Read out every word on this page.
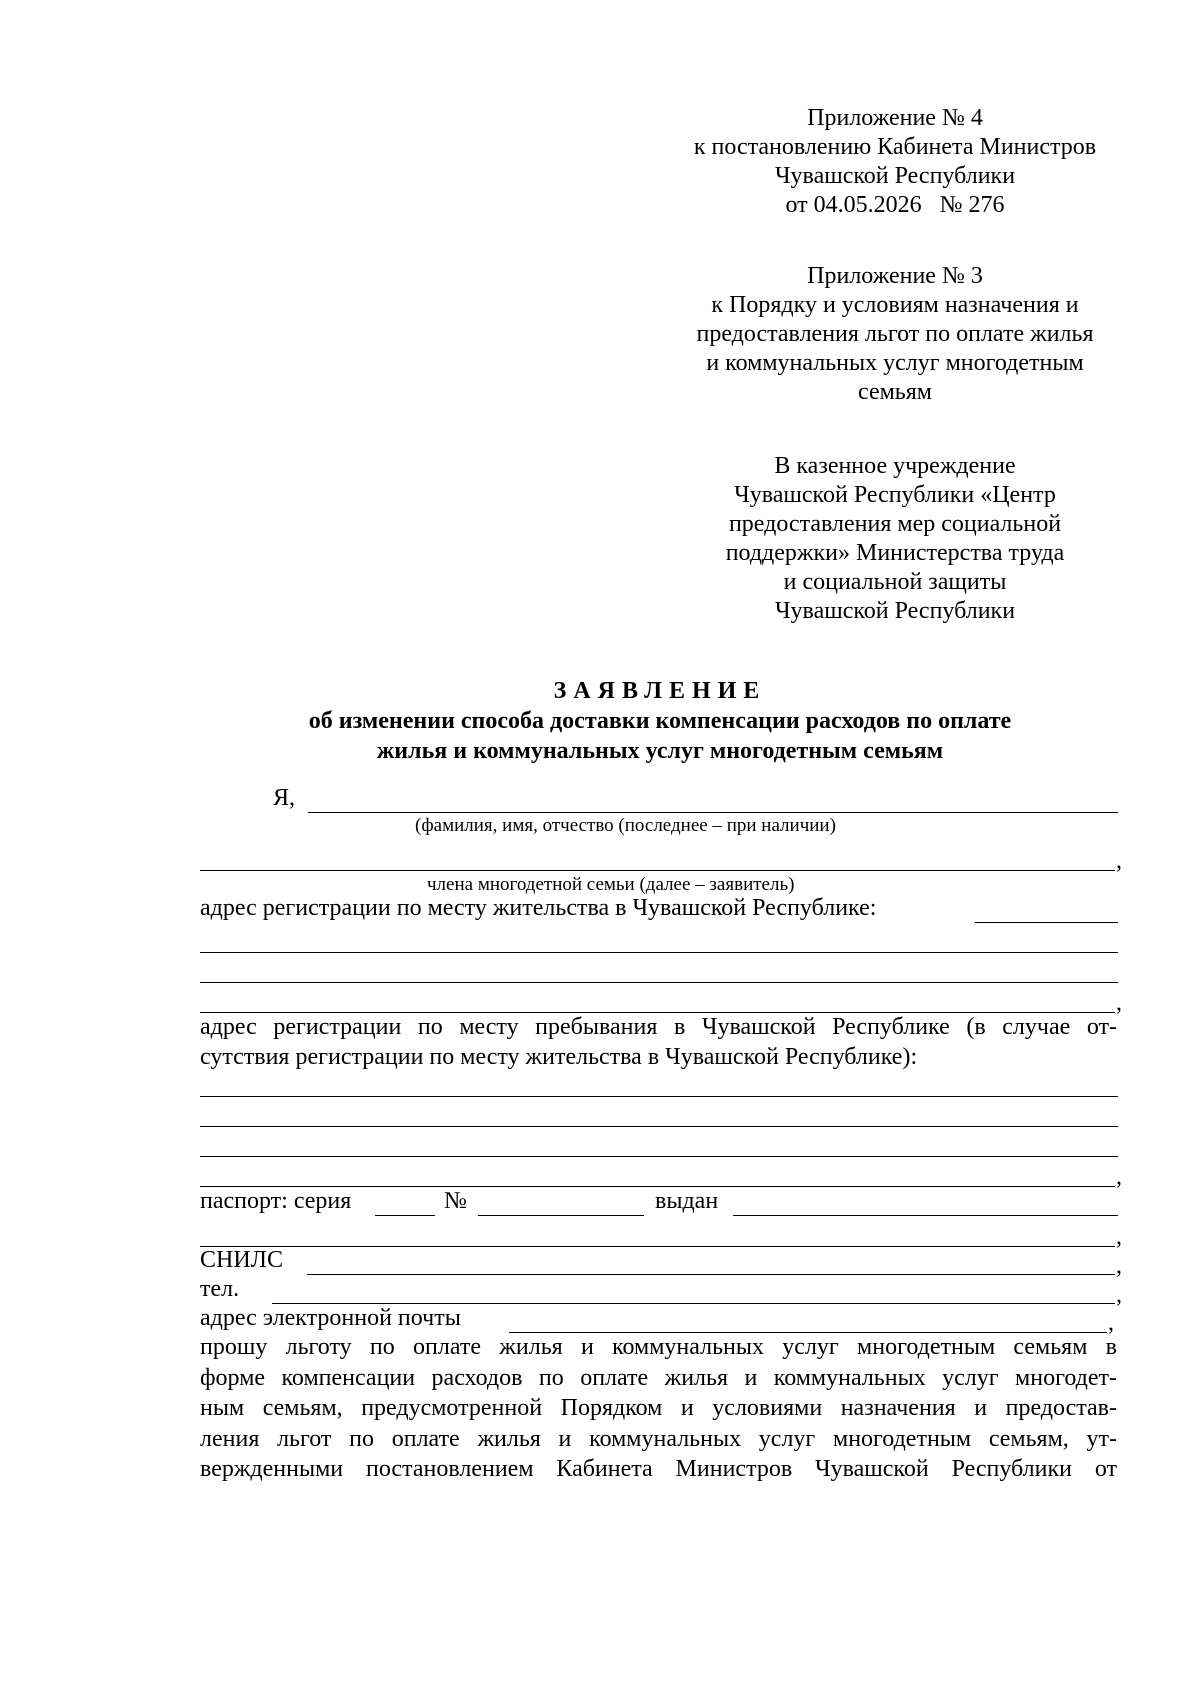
Приложение № 4
к постановлению Кабинета Министров
Чувашской Республики
от 04.05.2026   № 276
Приложение № 3
к Порядку и условиям назначения и
предоставления льгот по оплате жилья
и коммунальных услуг многодетным
семьям
В казенное учреждение
Чувашской Республики «Центр
предоставления мер социальной
поддержки» Министерства труда
и социальной защиты
Чувашской Республики
ЗАЯВЛЕНИЕ
об изменении способа доставки компенсации расходов по оплате
жилья и коммунальных услуг многодетным семьям
Я,
(фамилия, имя, отчество (последнее – при наличии)
,
члена многодетной семьи (далее – заявитель)
адрес регистрации по месту жительства в Чувашской Республике:
,
адрес регистрации по месту пребывания в Чувашской Республике (в случае от-
сутствия регистрации по месту жительства в Чувашской Республике):
,
паспорт: серия	№	выдан
,
СНИЛС	,
тел.	,
адрес электронной почты	,
прошу льготу по оплате жилья и коммунальных услуг многодетным семьям в
форме компенсации расходов по оплате жилья и коммунальных услуг многодет-
ным семьям, предусмотренной Порядком и условиями назначения и предостав-
ления льгот по оплате жилья и коммунальных услуг многодетным семьям, ут-
вержденными постановлением Кабинета Министров Чувашской Республики от
